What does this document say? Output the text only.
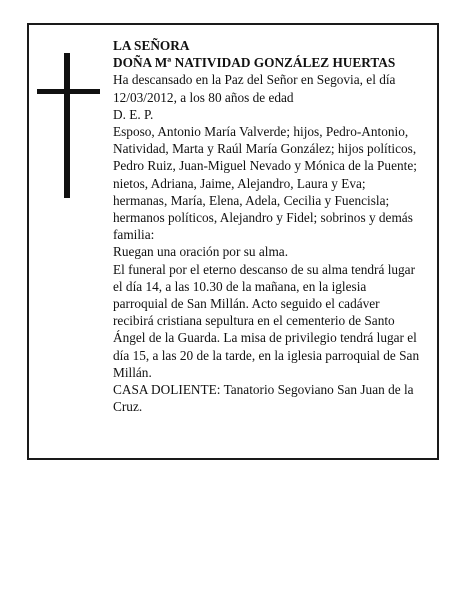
LA SEÑORA

DOÑA Mª NATIVIDAD GONZÁLEZ HUERTAS

Ha descansado en la Paz del Señor en Segovia, el día 12/03/2012, a los 80 años de edad

D. E. P.

Esposo, Antonio María Valverde; hijos, Pedro-Antonio, Natividad, Marta y Raúl María González; hijos políticos, Pedro Ruiz, Juan-Miguel Nevado y Mónica de la Puente; nietos, Adriana, Jaime, Alejandro, Laura y Eva; hermanas, María, Elena, Adela, Cecilia y Fuencisla; hermanos políticos, Alejandro y Fidel; sobrinos y demás familia:

Ruegan una oración por su alma.

El funeral por el eterno descanso de su alma tendrá lugar el día 14, a las 10.30 de la mañana, en la iglesia parroquial de San Millán. Acto seguido el cadáver recibirá cristiana sepultura en el cementerio de Santo Ángel de la Guarda. La misa de privilegio tendrá lugar el día 15, a las 20 de la tarde, en la iglesia parroquial de San Millán.

CASA DOLIENTE: Tanatorio Segoviano San Juan de la Cruz.
